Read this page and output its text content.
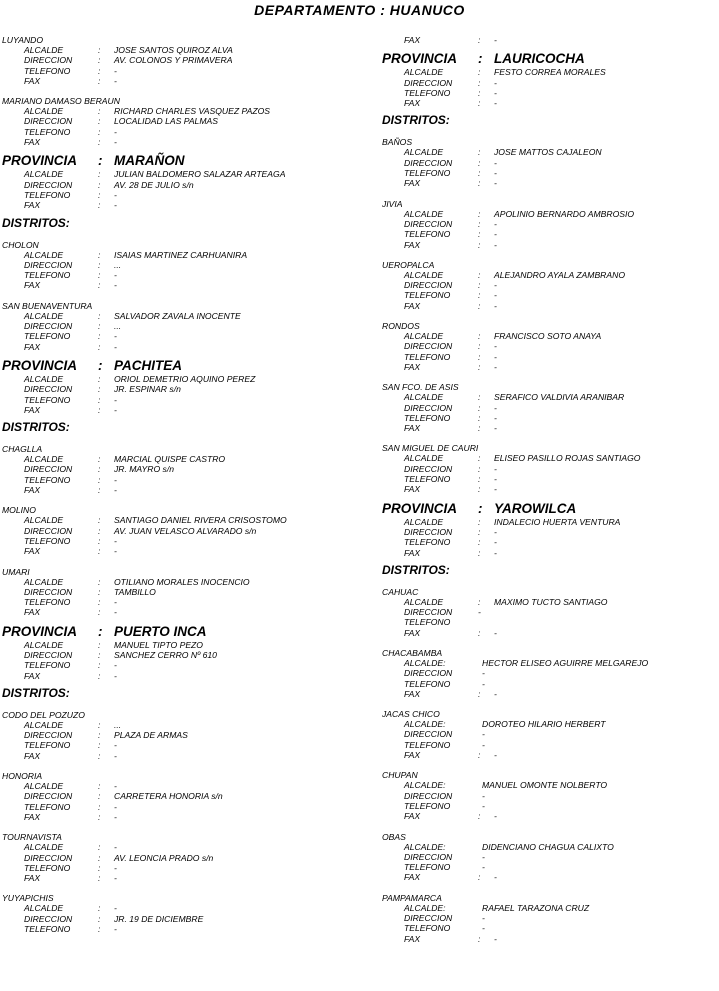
DEPARTAMENTO : HUANUCO
LUYANDO
ALCALDE	: JOSE SANTOS QUIROZ ALVA
DIRECCION	: AV. COLONOS Y PRIMAVERA
TELEFONO	: -
FAX	: -
MARIANO DAMASO BERAUN
ALCALDE	: RICHARD CHARLES VASQUEZ PAZOS
DIRECCION	: LOCALIDAD LAS PALMAS
TELEFONO	: -
FAX	: -
PROVINCIA : MARAÑON
ALCALDE	: JULIAN BALDOMERO SALAZAR ARTEAGA
DIRECCION	: AV. 28 DE JULIO s/n
TELEFONO	: -
FAX	: -
DISTRITOS:
CHOLON
ALCALDE	: ISAIAS MARTINEZ CARHUANIRA
DIRECCION	: ...
TELEFONO	: -
FAX	: -
SAN BUENAVENTURA
ALCALDE	: SALVADOR ZAVALA INOCENTE
DIRECCION	: ...
TELEFONO	: -
FAX	: -
PROVINCIA : PACHITEA
ALCALDE	: ORIOL DEMETRIO AQUINO PEREZ
DIRECCION	: JR. ESPINAR s/n
TELEFONO	: -
FAX	: -
DISTRITOS:
CHAGLLA
ALCALDE	: MARCIAL QUISPE CASTRO
DIRECCION	: JR. MAYRO s/n
TELEFONO	: -
FAX	: -
MOLINO
ALCALDE	: SANTIAGO DANIEL RIVERA CRISOSTOMO
DIRECCION	: AV. JUAN VELASCO ALVARADO s/n
TELEFONO	: -
FAX	: -
UMARI
ALCALDE	: OTILIANO MORALES INOCENCIO
DIRECCION	: TAMBILLO
TELEFONO	: -
FAX	: -
PROVINCIA : PUERTO INCA
ALCALDE	: MANUEL TIPTO PEZO
DIRECCION	: SANCHEZ CERRO Nº 610
TELEFONO	: -
FAX	: -
DISTRITOS:
CODO DEL POZUZO
ALCALDE	: ...
DIRECCION	: PLAZA DE ARMAS
TELEFONO	: -
FAX	: -
HONORIA
ALCALDE	: -
DIRECCION	: CARRETERA HONORIA s/n
TELEFONO	: -
FAX	: -
TOURNAVISTA
ALCALDE	: -
DIRECCION	: AV. LEONCIA PRADO s/n
TELEFONO	: -
FAX	: -
YUYAPICHIS
ALCALDE	: -
DIRECCION	: JR. 19 DE DICIEMBRE
TELEFONO	: -
FAX	: -
PROVINCIA : LAURICOCHA
ALCALDE	: FESTO CORREA MORALES
DIRECCION	: -
TELEFONO	: -
FAX	: -
DISTRITOS:
BAÑOS
ALCALDE	: JOSE MATTOS CAJALEON
DIRECCION	: -
TELEFONO	: -
FAX	: -
JIVIA
ALCALDE	: APOLINIO BERNARDO AMBROSIO
DIRECCION	: -
TELEFONO	: -
FAX	: -
UEROPALCA
ALCALDE	: ALEJANDRO AYALA ZAMBRANO
DIRECCION	: -
TELEFONO	: -
FAX	: -
RONDOS
ALCALDE	: FRANCISCO SOTO ANAYA
DIRECCION	: -
TELEFONO	: -
FAX	: -
SAN FCO. DE ASIS
ALCALDE	: SERAFICO VALDIVIA ARANIBAR
DIRECCION	: -
TELEFONO	: -
FAX	: -
SAN MIGUEL DE CAURI
ALCALDE	: ELISEO PASILLO ROJAS SANTIAGO
DIRECCION	: -
TELEFONO	: -
FAX	: -
PROVINCIA : YAROWILCA
ALCALDE	: INDALECIO HUERTA VENTURA
DIRECCION	: -
TELEFONO	: -
FAX	: -
DISTRITOS:
CAHUAC
ALCALDE	: MAXIMO TUCTO SANTIAGO
DIRECCION	-
TELEFONO
FAX	: -
CHACABAMBA
ALCALDE:	HECTOR ELISEO AGUIRRE MELGAREJO
DIRECCION	-
TELEFONO	-
FAX	: -
JACAS CHICO
ALCALDE:	DOROTEO HILARIO HERBERT
DIRECCION	-
TELEFONO	-
FAX	: -
CHUPAN
ALCALDE:	MANUEL OMONTE NOLBERTO
DIRECCION	-
TELEFONO	-
FAX	: -
OBAS
ALCALDE:	DIDENCIANO CHAGUA CALIXTO
DIRECCION	-
TELEFONO	-
FAX	: -
PAMPAMARCA
ALCALDE:	RAFAEL TARAZONA CRUZ
DIRECCION	-
TELEFONO	-
FAX	: -
